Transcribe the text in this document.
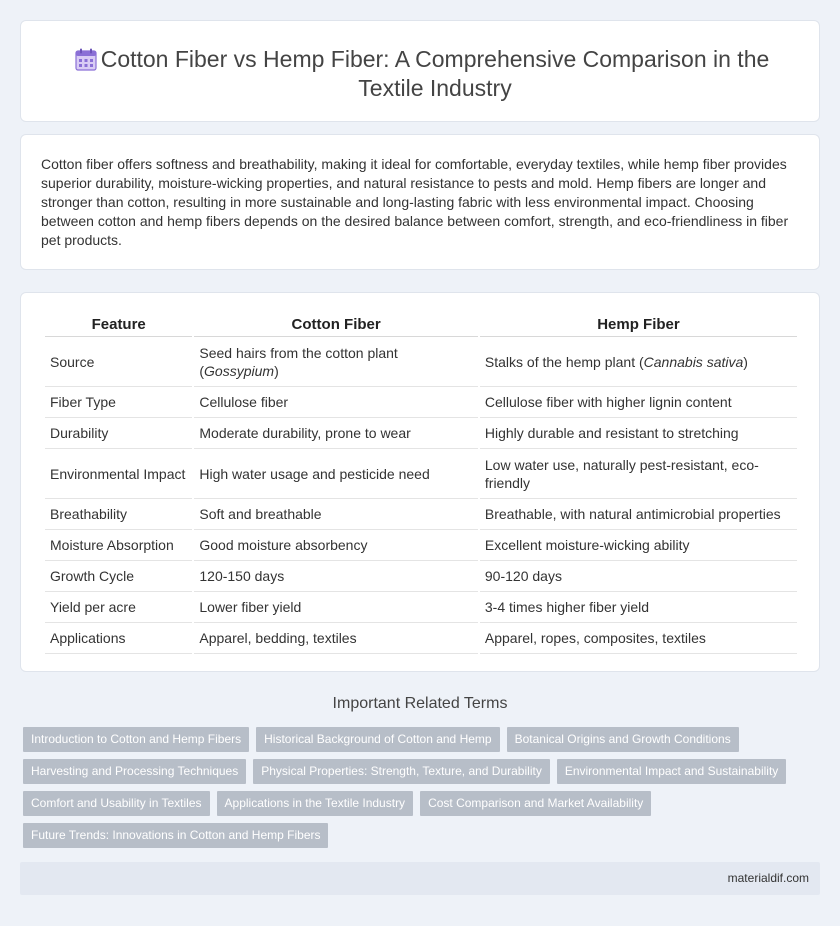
Cotton Fiber vs Hemp Fiber: A Comprehensive Comparison in the Textile Industry

Cotton fiber offers softness and breathability, making it ideal for comfortable, everyday textiles, while hemp fiber provides superior durability, moisture-wicking properties, and natural resistance to pests and mold. Hemp fibers are longer and stronger than cotton, resulting in more sustainable and long-lasting fabric with less environmental impact. Choosing between cotton and hemp fibers depends on the desired balance between comfort, strength, and eco-friendliness in fiber pet products.

Feature	Cotton Fiber	Hemp Fiber
Source	Seed hairs from the cotton plant (Gossypium)	Stalks of the hemp plant (Cannabis sativa)
Fiber Type	Cellulose fiber	Cellulose fiber with higher lignin content
Durability	Moderate durability, prone to wear	Highly durable and resistant to stretching
Environmental Impact	High water usage and pesticide need	Low water use, naturally pest-resistant, eco-friendly
Breathability	Soft and breathable	Breathable, with natural antimicrobial properties
Moisture Absorption	Good moisture absorbency	Excellent moisture-wicking ability
Growth Cycle	120-150 days	90-120 days
Yield per acre	Lower fiber yield	3-4 times higher fiber yield
Applications	Apparel, bedding, textiles	Apparel, ropes, composites, textiles
Important Related Terms
Introduction to Cotton and Hemp Fibers	Historical Background of Cotton and Hemp	Botanical Origins and Growth Conditions
Harvesting and Processing Techniques	Physical Properties: Strength, Texture, and Durability	Environmental Impact and Sustainability
Comfort and Usability in Textiles	Applications in the Textile Industry	Cost Comparison and Market Availability
Future Trends: Innovations in Cotton and Hemp Fibers
materialdif.com
